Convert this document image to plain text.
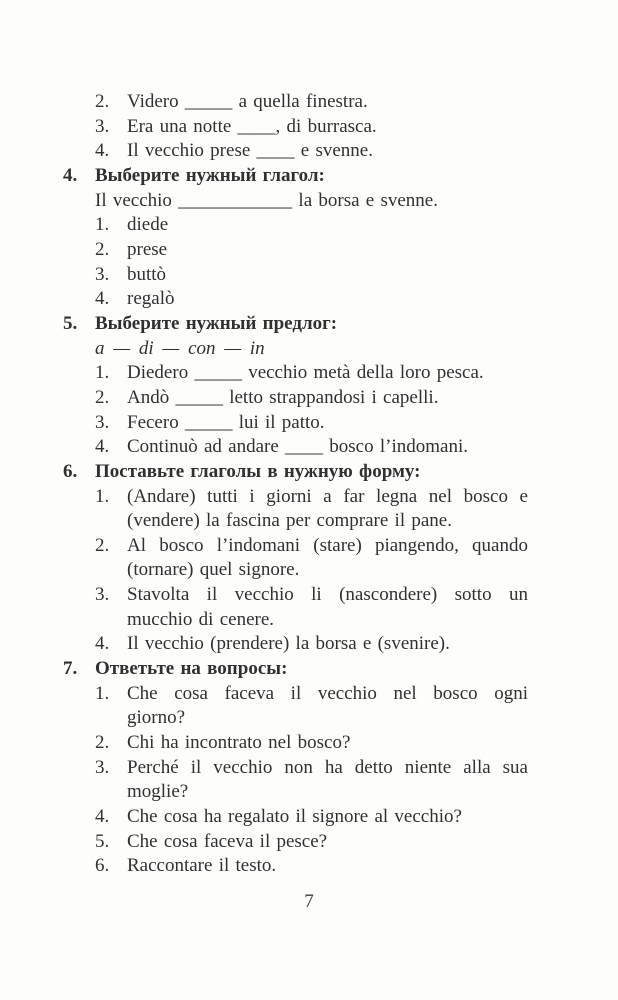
2. Videro _____ a quella finestra.
3. Era una notte ____, di burrasca.
4. Il vecchio prese ____ e svenne.
4. Выберите нужный глагол:
Il vecchio ____________ la borsa e svenne.
1. diede
2. prese
3. buttò
4. regalò
5. Выберите нужный предлог:
a — di — con — in
1. Diedero _____ vecchio metà della loro pesca.
2. Andò _____ letto strappandosi i capelli.
3. Fecero _____ lui il patto.
4. Continuò ad andare ____ bosco l’indomani.
6. Поставьте глаголы в нужную форму:
1. (Andare) tutti i giorni a far legna nel bosco e
(vendere) la fascina per comprare il pane.
2. Al bosco l’indomani (stare) piangendo, quando
(tornare) quel signore.
3. Stavolta il vecchio li (nascondere) sotto un
mucchio di cenere.
4. Il vecchio (prendere) la borsa e (svenire).
7. Ответьте на вопросы:
1. Che cosa faceva il vecchio nel bosco ogni
giorno?
2. Chi ha incontrato nel bosco?
3. Perché il vecchio non ha detto niente alla sua
moglie?
4. Che cosa ha regalato il signore al vecchio?
5. Che cosa faceva il pesce?
6. Raccontare il testo.
7
